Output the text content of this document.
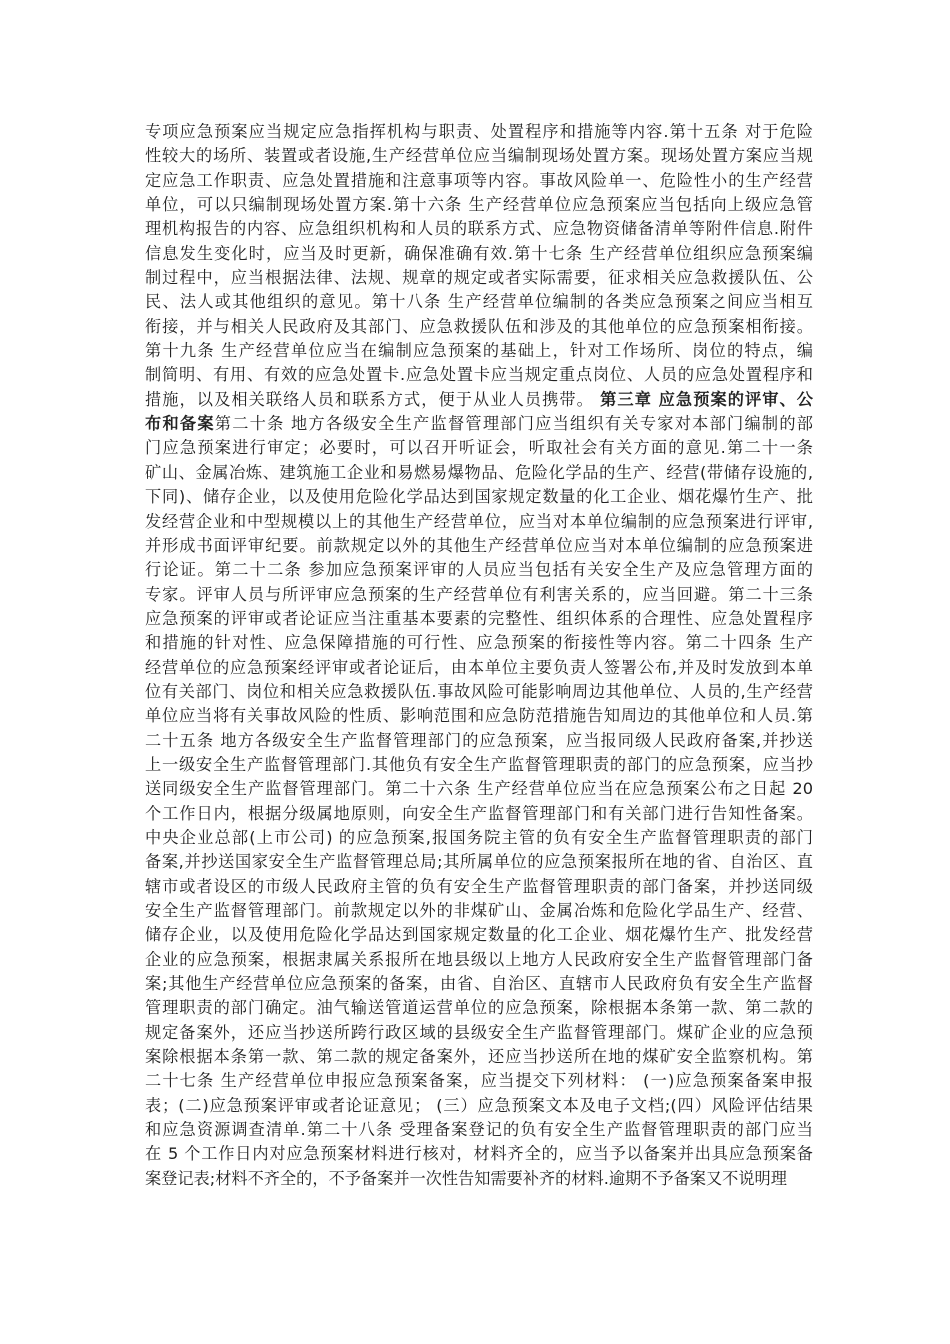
专项应急预案应当规定应急指挥机构与职责、处置程序和措施等内容.第十五条 对于危险
性较大的场所、装置或者设施,生产经营单位应当编制现场处置方案。现场处置方案应当规
定应急工作职责、应急处置措施和注意事项等内容。事故风险单一、危险性小的生产经营
单位，可以只编制现场处置方案.第十六条 生产经营单位应急预案应当包括向上级应急管
理机构报告的内容、应急组织机构和人员的联系方式、应急物资储备清单等附件信息.附件
信息发生变化时，应当及时更新，确保准确有效.第十七条 生产经营单位组织应急预案编
制过程中，应当根据法律、法规、规章的规定或者实际需要，征求相关应急救援队伍、公
民、法人或其他组织的意见。第十八条 生产经营单位编制的各类应急预案之间应当相互
衔接，并与相关人民政府及其部门、应急救援队伍和涉及的其他单位的应急预案相衔接。
第十九条 生产经营单位应当在编制应急预案的基础上，针对工作场所、岗位的特点，编
制简明、有用、有效的应急处置卡.应急处置卡应当规定重点岗位、人员的应急处置程序和
措施，以及相关联络人员和联系方式，便于从业人员携带。 第三章 应急预案的评审、公
布和备案第二十条 地方各级安全生产监督管理部门应当组织有关专家对本部门编制的部
门应急预案进行审定；必要时，可以召开听证会，听取社会有关方面的意见.第二十一条
矿山、金属冶炼、建筑施工企业和易燃易爆物品、危险化学品的生产、经营(带储存设施的,
下同)、储存企业，以及使用危险化学品达到国家规定数量的化工企业、烟花爆竹生产、批
发经营企业和中型规模以上的其他生产经营单位，应当对本单位编制的应急预案进行评审,
并形成书面评审纪要。前款规定以外的其他生产经营单位应当对本单位编制的应急预案进
行论证。第二十二条 参加应急预案评审的人员应当包括有关安全生产及应急管理方面的
专家。评审人员与所评审应急预案的生产经营单位有利害关系的，应当回避。第二十三条
应急预案的评审或者论证应当注重基本要素的完整性、组织体系的合理性、应急处置程序
和措施的针对性、应急保障措施的可行性、应急预案的衔接性等内容。第二十四条 生产
经营单位的应急预案经评审或者论证后，由本单位主要负责人签署公布,并及时发放到本单
位有关部门、岗位和相关应急救援队伍.事故风险可能影响周边其他单位、人员的,生产经营
单位应当将有关事故风险的性质、影响范围和应急防范措施告知周边的其他单位和人员.第
二十五条 地方各级安全生产监督管理部门的应急预案，应当报同级人民政府备案,并抄送
上一级安全生产监督管理部门.其他负有安全生产监督管理职责的部门的应急预案，应当抄
送同级安全生产监督管理部门。第二十六条 生产经营单位应当在应急预案公布之日起 20
个工作日内，根据分级属地原则，向安全生产监督管理部门和有关部门进行告知性备案。
中央企业总部(上市公司) 的应急预案,报国务院主管的负有安全生产监督管理职责的部门
备案,并抄送国家安全生产监督管理总局;其所属单位的应急预案报所在地的省、自治区、直
辖市或者设区的市级人民政府主管的负有安全生产监督管理职责的部门备案，并抄送同级
安全生产监督管理部门。前款规定以外的非煤矿山、金属冶炼和危险化学品生产、经营、
储存企业，以及使用危险化学品达到国家规定数量的化工企业、烟花爆竹生产、批发经营
企业的应急预案，根据隶属关系报所在地县级以上地方人民政府安全生产监督管理部门备
案;其他生产经营单位应急预案的备案，由省、自治区、直辖市人民政府负有安全生产监督
管理职责的部门确定。油气输送管道运营单位的应急预案，除根据本条第一款、第二款的
规定备案外，还应当抄送所跨行政区域的县级安全生产监督管理部门。煤矿企业的应急预
案除根据本条第一款、第二款的规定备案外，还应当抄送所在地的煤矿安全监察机构。第
二十七条 生产经营单位申报应急预案备案，应当提交下列材料： (一)应急预案备案申报
表；(二)应急预案评审或者论证意见； (三）应急预案文本及电子文档;(四）风险评估结果
和应急资源调查清单.第二十八条 受理备案登记的负有安全生产监督管理职责的部门应当
在 5 个工作日内对应急预案材料进行核对，材料齐全的，应当予以备案并出具应急预案备
案登记表;材料不齐全的，不予备案并一次性告知需要补齐的材料.逾期不予备案又不说明理
